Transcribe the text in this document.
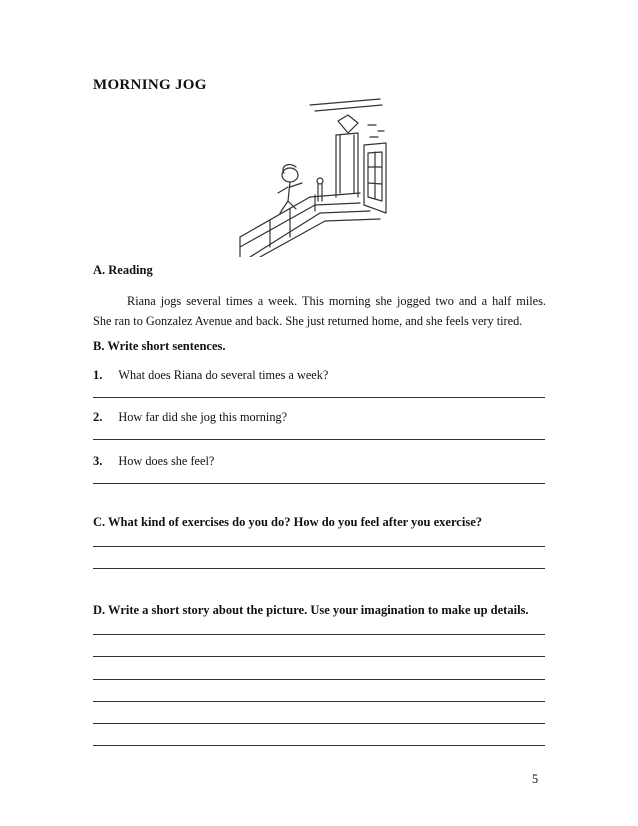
MORNING JOG
A. Reading
Riana jogs several times a week. This morning she jogged two and a half miles.
She ran to Gonzalez Avenue and back. She just returned home, and she feels very tired.
B. Write short sentences.
1. What does Riana do several times a week?
2. How far did she jog this morning?
3. How does she feel?
C. What kind of exercises do you do? How do you feel after you exercise?
D. Write a short story about the picture. Use your imagination to make up details.
5
